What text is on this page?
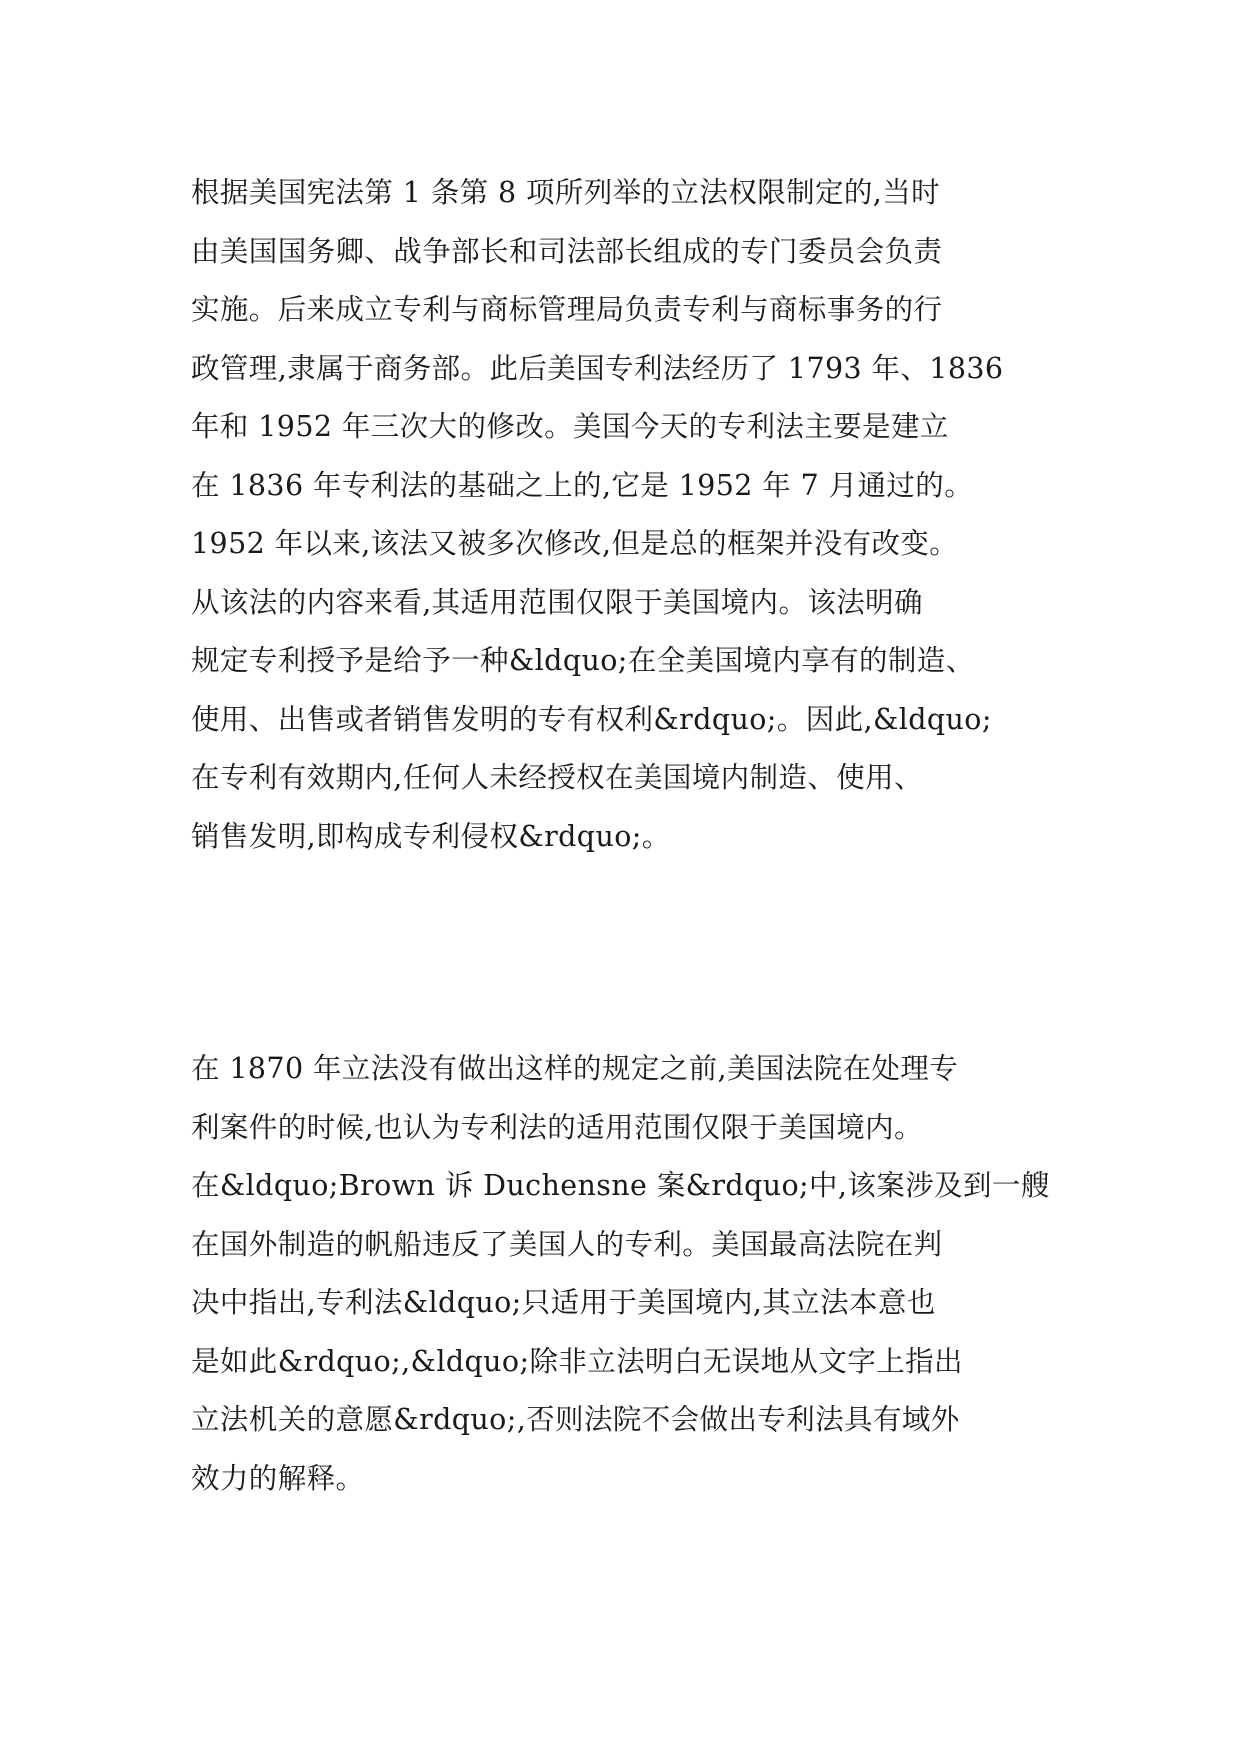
根据美国宪法第 1 条第 8 项所列举的立法权限制定的,当时
由美国国务卿、战争部长和司法部长组成的专门委员会负责
实施。后来成立专利与商标管理局负责专利与商标事务的行
政管理,隶属于商务部。此后美国专利法经历了 1793 年、1836
年和 1952 年三次大的修改。美国今天的专利法主要是建立
在 1836 年专利法的基础之上的,它是 1952 年 7 月通过的。
1952 年以来,该法又被多次修改,但是总的框架并没有改变。
从该法的内容来看,其适用范围仅限于美国境内。该法明确
规定专利授予是给予一种&ldquo;在全美国境内享有的制造、
使用、出售或者销售发明的专有权利&rdquo;。因此,&ldquo;
在专利有效期内,任何人未经授权在美国境内制造、使用、
销售发明,即构成专利侵权&rdquo;。
在 1870 年立法没有做出这样的规定之前,美国法院在处理专
利案件的时候,也认为专利法的适用范围仅限于美国境内。
在&ldquo;Brown 诉 Duchensne 案&rdquo;中,该案涉及到一艘
在国外制造的帆船违反了美国人的专利。美国最高法院在判
决中指出,专利法&ldquo;只适用于美国境内,其立法本意也
是如此&rdquo;,&ldquo;除非立法明白无误地从文字上指出
立法机关的意愿&rdquo;,否则法院不会做出专利法具有域外
效力的解释。
